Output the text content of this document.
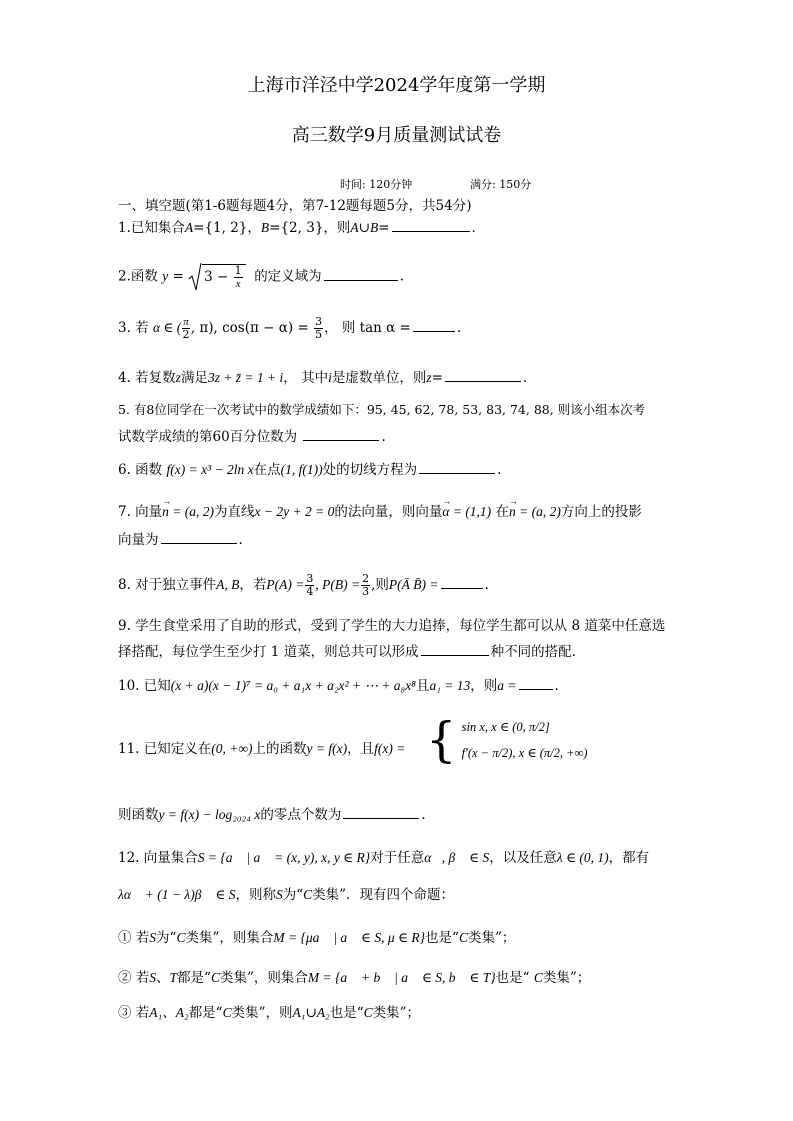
上海市洋泾中学2024学年度第一学期
高三数学9月质量测试试卷
时间: 120分钟	满分: 150分
一、填空题(第1-6题每题4分，第7-12题每题5分，共54分)
1.已知集合A={1, 2}，B={2, 3}，则A∪B=	.
2.函数 $y = 3 - \frac{1}{x}$ 的定义域为	.
3. 若 α ∈ ( $\frac{\pi}{2}$ , π), $\cos(\pi - \alpha) = \frac{3}{5}$ ， 则 tan α =	.
4. 若复数z满足3z + z̄ = 1 + i， 其中i是虚数单位，则z=	.
5. 有8位同学在一次考试中的数学成绩如下：95, 45, 62, 78, 53, 83, 74, 88, 则该小组本次考
试数学成绩的第60百分位数为	.
6. 函数 f(x) = x³ − 2ln x在点(1, f(1))处的切线方程为	.
7. 向量→ n = (a, 2)为直线x − 2y + 2 = 0的法向量，则向量→ α = (1,1) 在→ n = (a, 2)方向上的投影
向量为	.
8. 对于独立事件A, B，若$P(A) = \frac{3}{4}$ , $P(B) = \frac{2}{3}$ ,则P(Ā B̄) =	.
9. 学生食堂采用了自助的形式，受到了学生的大力追捧，每位学生都可以从 8 道菜中任意选
择搭配，每位学生至少打 1 道菜，则总共可以形成	种不同的搭配.
10. 已知(x + a)(x − 1)⁷ = a₀ + a₁x + a₂x² + ⋯ + a₈x⁸且a₁ = 13，则a =	.
11. 已知定义在(0, +∞)上的函数y = f(x)，且f(x) = { sin x, x ∈ (0, π/2]
f′(x − π/2), x ∈ (π/2, +∞)
则函数y = f(x) − log₂₀₂₄ x的零点个数为	.
12. 向量集合S = {a⃗ | a⃗ = (x, y), x, y ∈ R}对于任意α⃗, β⃗ ∈ S，以及任意λ ∈ (0, 1)，都有
λα⃗ + (1 − λ)β⃗ ∈ S，则称S为“C类集”．现有四个命题：
① 若S为“C类集”，则集合M = {μa⃗ | a⃗ ∈ S, μ ∈ R}也是“C类集”；
② 若S、T都是“C类集”，则集合M = {a⃗ + b⃗ | a⃗ ∈ S, b⃗ ∈ T}也是“ C类集”；
③ 若A₁、A₂都是“C类集”，则A₁∪A₂也是“C类集”；
